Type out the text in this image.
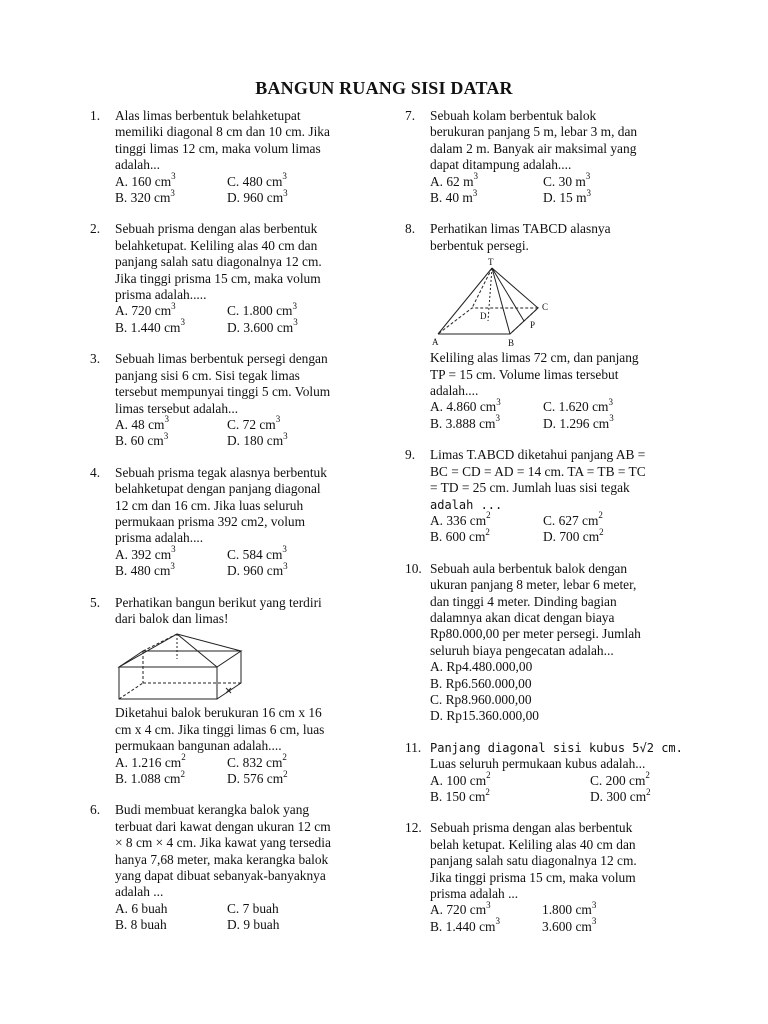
BANGUN RUANG SISI DATAR
1. Alas limas berbentuk belahketupat
memiliki diagonal 8 cm dan 10 cm. Jika
tinggi limas 12 cm, maka volum limas
adalah...
A. 160 $cm^3$	C. 480 $cm^3$
B. 320 $cm^3$	D. 960 $cm^3$
2. Sebuah prisma dengan alas berbentuk
belahketupat. Keliling alas 40 cm dan
panjang salah satu diagonalnya 12 cm.
Jika tinggi prisma 15 cm, maka volum
prisma adalah.....
A. 720 $cm^3$	C. 1.800 $cm^3$
B. 1.440 $cm^3$	D. 3.600 $cm^3$
3. Sebuah limas berbentuk persegi dengan
panjang sisi 6 cm. Sisi tegak limas
tersebut mempunyai tinggi 5 cm. Volum
limas tersebut adalah...
A. 48 $cm^3$	C. 72 $cm^3$
B. 60 $cm^3$	D. 180 $cm^3$
4. Sebuah prisma tegak alasnya berbentuk
belahketupat dengan panjang diagonal
12 cm dan 16 cm. Jika luas seluruh
permukaan prisma 392 cm2, volum
prisma adalah....
A. 392 $cm^3$	C. 584 $cm^3$
B. 480 $cm^3$	D. 960 $cm^3$
5. Perhatikan bangun berikut yang terdiri
dari balok dan limas!
Diketahui balok berukuran 16 cm x 16
cm x 4 cm. Jika tinggi limas 6 cm, luas
permukaan bangunan adalah....
A. 1.216 $cm^2$	C. 832 $cm^2$
B. 1.088 $cm^2$	D. 576 $cm^2$
6. Budi membuat kerangka balok yang
terbuat dari kawat dengan ukuran 12 cm
× 8 cm × 4 cm. Jika kawat yang tersedia
hanya 7,68 meter, maka kerangka balok
yang dapat dibuat sebanyak-banyaknya
adalah ...
A. 6 buah	C. 7 buah
B. 8 buah	D. 9 buah
7. Sebuah kolam berbentuk balok
berukuran panjang 5 m, lebar 3 m, dan
dalam 2 m. Banyak air maksimal yang
dapat ditampung adalah....
A. 62 $m^3$	C. 30 $m^3$
B. 40 $m^3$	D. 15 $m^3$
8. Perhatikan limas TABCD alasnya
berbentuk persegi.
T
A	B
C
D
P
Keliling alas limas 72 cm, dan panjang
TP = 15 cm. Volume limas tersebut
adalah....
A. 4.860 $cm^3$	C. 1.620 $cm^3$
B. 3.888 $cm^3$	D. 1.296 $cm^3$
9. Limas T.ABCD diketahui panjang AB =
BC = CD = AD = 14 cm. TA = TB = TC
= TD = 25 cm. Jumlah luas sisi tegak
adalah ...
A. 336 $cm^2$	C. 627 $cm^2$
B. 600 $cm^2$	D. 700 $cm^2$
10. Sebuah aula berbentuk balok dengan
ukuran panjang 8 meter, lebar 6 meter,
dan tinggi 4 meter. Dinding bagian
dalamnya akan dicat dengan biaya
Rp80.000,00 per meter persegi. Jumlah
seluruh biaya pengecatan adalah...
A. Rp4.480.000,00
B. Rp6.560.000,00
C. Rp8.960.000,00
D. Rp15.360.000,00
11. Panjang diagonal sisi kubus 5√2 cm.
Luas seluruh permukaan kubus adalah...
A. 100 $cm^2$	C. 200 $cm^2$
B. 150 $cm^2$	D. 300 $cm^2$
12. Sebuah prisma dengan alas berbentuk
belah ketupat. Keliling alas 40 cm dan
panjang salah satu diagonalnya 12 cm.
Jika tinggi prisma 15 cm, maka volum
prisma adalah ...
A. 720 $cm^3$	1.800 $cm^3$
B. 1.440 $cm^3$	3.600 $cm^3$
